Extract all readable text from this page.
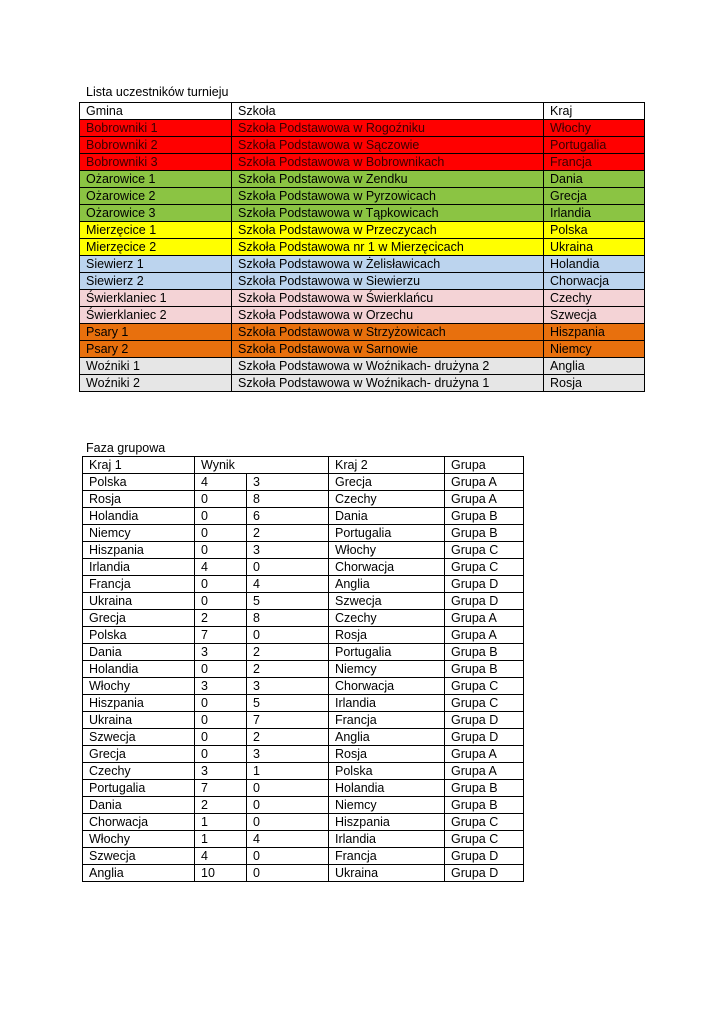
Lista uczestników turnieju
Gmina	Szkoła	Kraj
Bobrowniki 1	Szkoła Podstawowa w Rogoźniku	Włochy
Bobrowniki 2	Szkoła Podstawowa w Sączowie	Portugalia
Bobrowniki 3	Szkoła Podstawowa w Bobrownikach	Francja
Ożarowice 1	Szkoła Podstawowa w Zendku	Dania
Ożarowice 2	Szkoła Podstawowa w Pyrzowicach	Grecja
Ożarowice 3	Szkoła Podstawowa w Tąpkowicach	Irlandia
Mierzęcice 1	Szkoła Podstawowa w Przeczycach	Polska
Mierzęcice 2	Szkoła Podstawowa nr 1 w Mierzęcicach	Ukraina
Siewierz 1	Szkoła Podstawowa w Żelisławicach	Holandia
Siewierz 2	Szkoła Podstawowa w Siewierzu	Chorwacja
Świerklaniec 1	Szkoła Podstawowa w Świerklańcu	Czechy
Świerklaniec 2	Szkoła Podstawowa w Orzechu	Szwecja
Psary 1	Szkoła Podstawowa w Strzyżowicach	Hiszpania
Psary 2	Szkoła Podstawowa w Sarnowie	Niemcy
Woźniki 1	Szkoła Podstawowa w Woźnikach- drużyna 2	Anglia
Woźniki 2	Szkoła Podstawowa w Woźnikach- drużyna 1	Rosja
Faza grupowa
Kraj 1	Wynik		Kraj 2	Grupa
Polska	4	3	Grecja	Grupa A
Rosja	0	8	Czechy	Grupa A
Holandia	0	6	Dania	Grupa B
Niemcy	0	2	Portugalia	Grupa B
Hiszpania	0	3	Włochy	Grupa C
Irlandia	4	0	Chorwacja	Grupa C
Francja	0	4	Anglia	Grupa D
Ukraina	0	5	Szwecja	Grupa D
Grecja	2	8	Czechy	Grupa A
Polska	7	0	Rosja	Grupa A
Dania	3	2	Portugalia	Grupa B
Holandia	0	2	Niemcy	Grupa B
Włochy	3	3	Chorwacja	Grupa C
Hiszpania	0	5	Irlandia	Grupa C
Ukraina	0	7	Francja	Grupa D
Szwecja	0	2	Anglia	Grupa D
Grecja	0	3	Rosja	Grupa A
Czechy	3	1	Polska	Grupa A
Portugalia	7	0	Holandia	Grupa B
Dania	2	0	Niemcy	Grupa B
Chorwacja	1	0	Hiszpania	Grupa C
Włochy	1	4	Irlandia	Grupa C
Szwecja	4	0	Francja	Grupa D
Anglia	10	0	Ukraina	Grupa D
